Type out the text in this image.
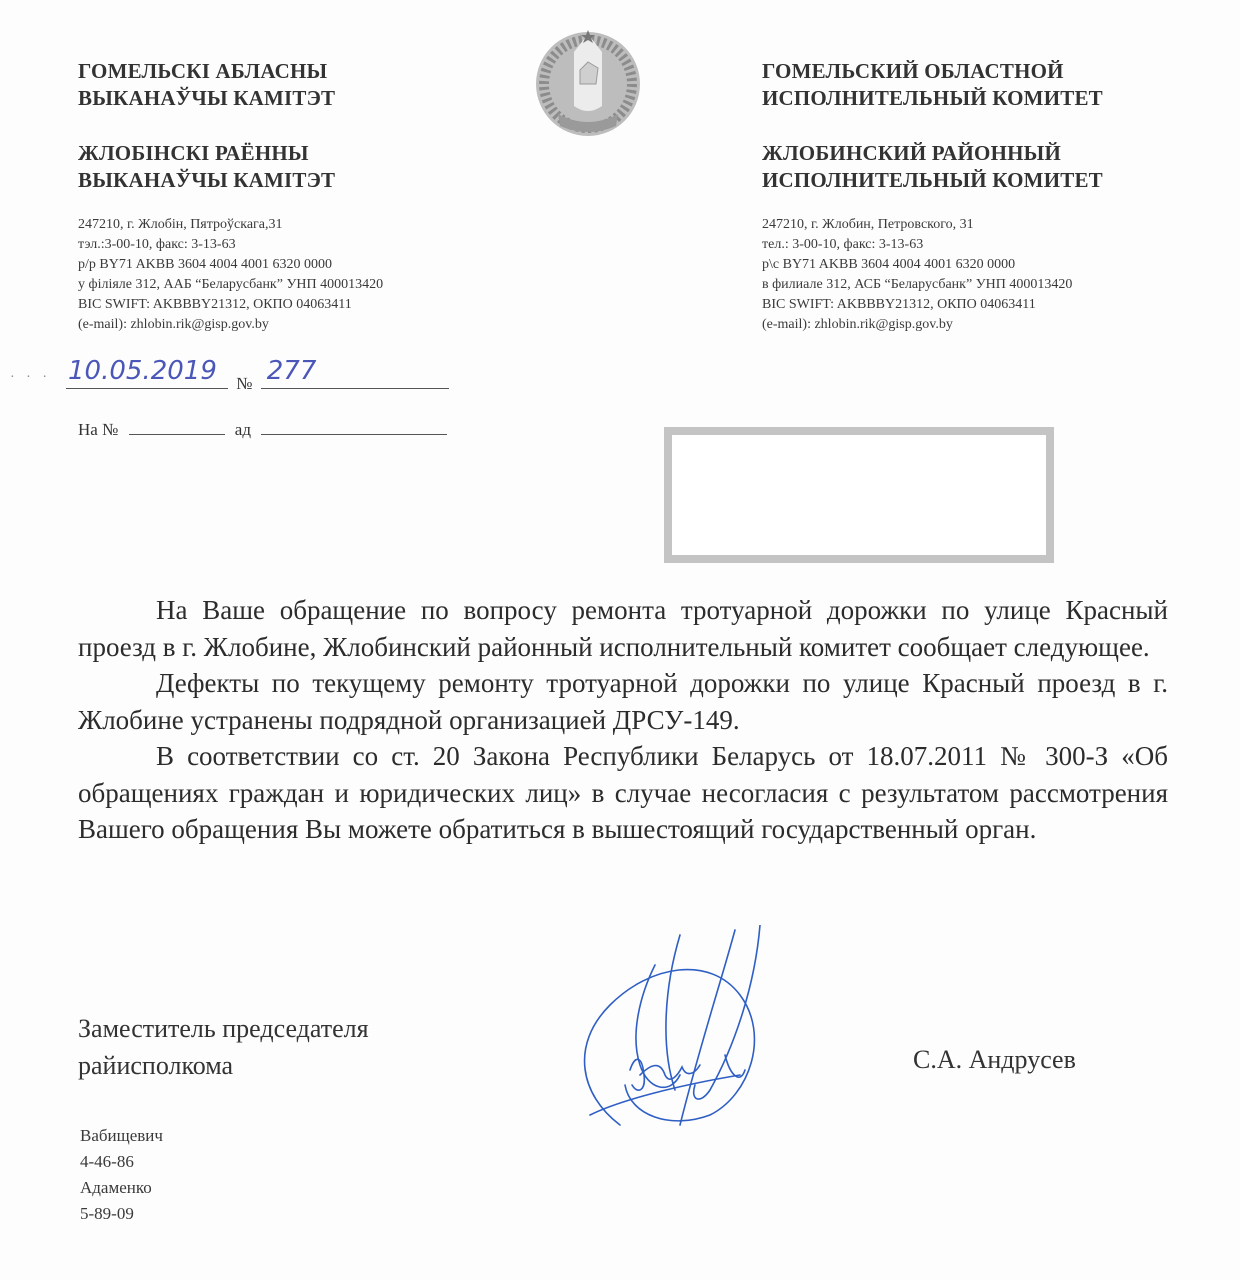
ГОМЕЛЬСКІ АБЛАСНЫ
ВЫКАНАЎЧЫ КАМІТЭТ
ЖЛОБІНСКІ РАЁННЫ
ВЫКАНАЎЧЫ КАМІТЭТ
247210, г. Жлобін, Пятроўскага,31
тэл.:3-00-10, факс: 3-13-63
р/р BY71 AKBB 3604 4004 4001 6320 0000
у філіяле 312, ААБ “Беларусбанк” УНП 400013420
BIC SWIFT: AKBBBY21312, ОКПО 04063411
(e-mail): zhlobin.rik@gisp.gov.by
ГОМЕЛЬСКИЙ ОБЛАСТНОЙ
ИСПОЛНИТЕЛЬНЫЙ КОМИТЕТ
ЖЛОБИНСКИЙ РАЙОННЫЙ
ИСПОЛНИТЕЛЬНЫЙ КОМИТЕТ
247210, г. Жлобин, Петровского, 31
тел.: 3-00-10, факс: 3-13-63
р\с BY71 AKBB 3604 4004 4001 6320 0000
в филиале 312, АСБ “Беларусбанк” УНП 400013420
BIC SWIFT: AKBBBY21312, ОКПО 04063411
(e-mail): zhlobin.rik@gisp.gov.by
· · · 10.05.2019 № 277
На №	ад

На Ваше обращение по вопросу ремонта тротуарной дорожки по улице Красный проезд в г. Жлобине, Жлобинский районный исполнительный комитет сообщает следующее.

Дефекты по текущему ремонту тротуарной дорожки по улице Красный проезд в г. Жлобине устранены подрядной организацией ДРСУ-149.

В соответствии со ст. 20 Закона Республики Беларусь от 18.07.2011 № 300-З «Об обращениях граждан и юридических лиц» в случае несогласия с результатом рассмотрения Вашего обращения Вы можете обратиться в вышестоящий государственный орган.

Заместитель председателя
райисполкома	С.А. Андрусев
Вабищевич
4-46-86
Адаменко
5-89-09
